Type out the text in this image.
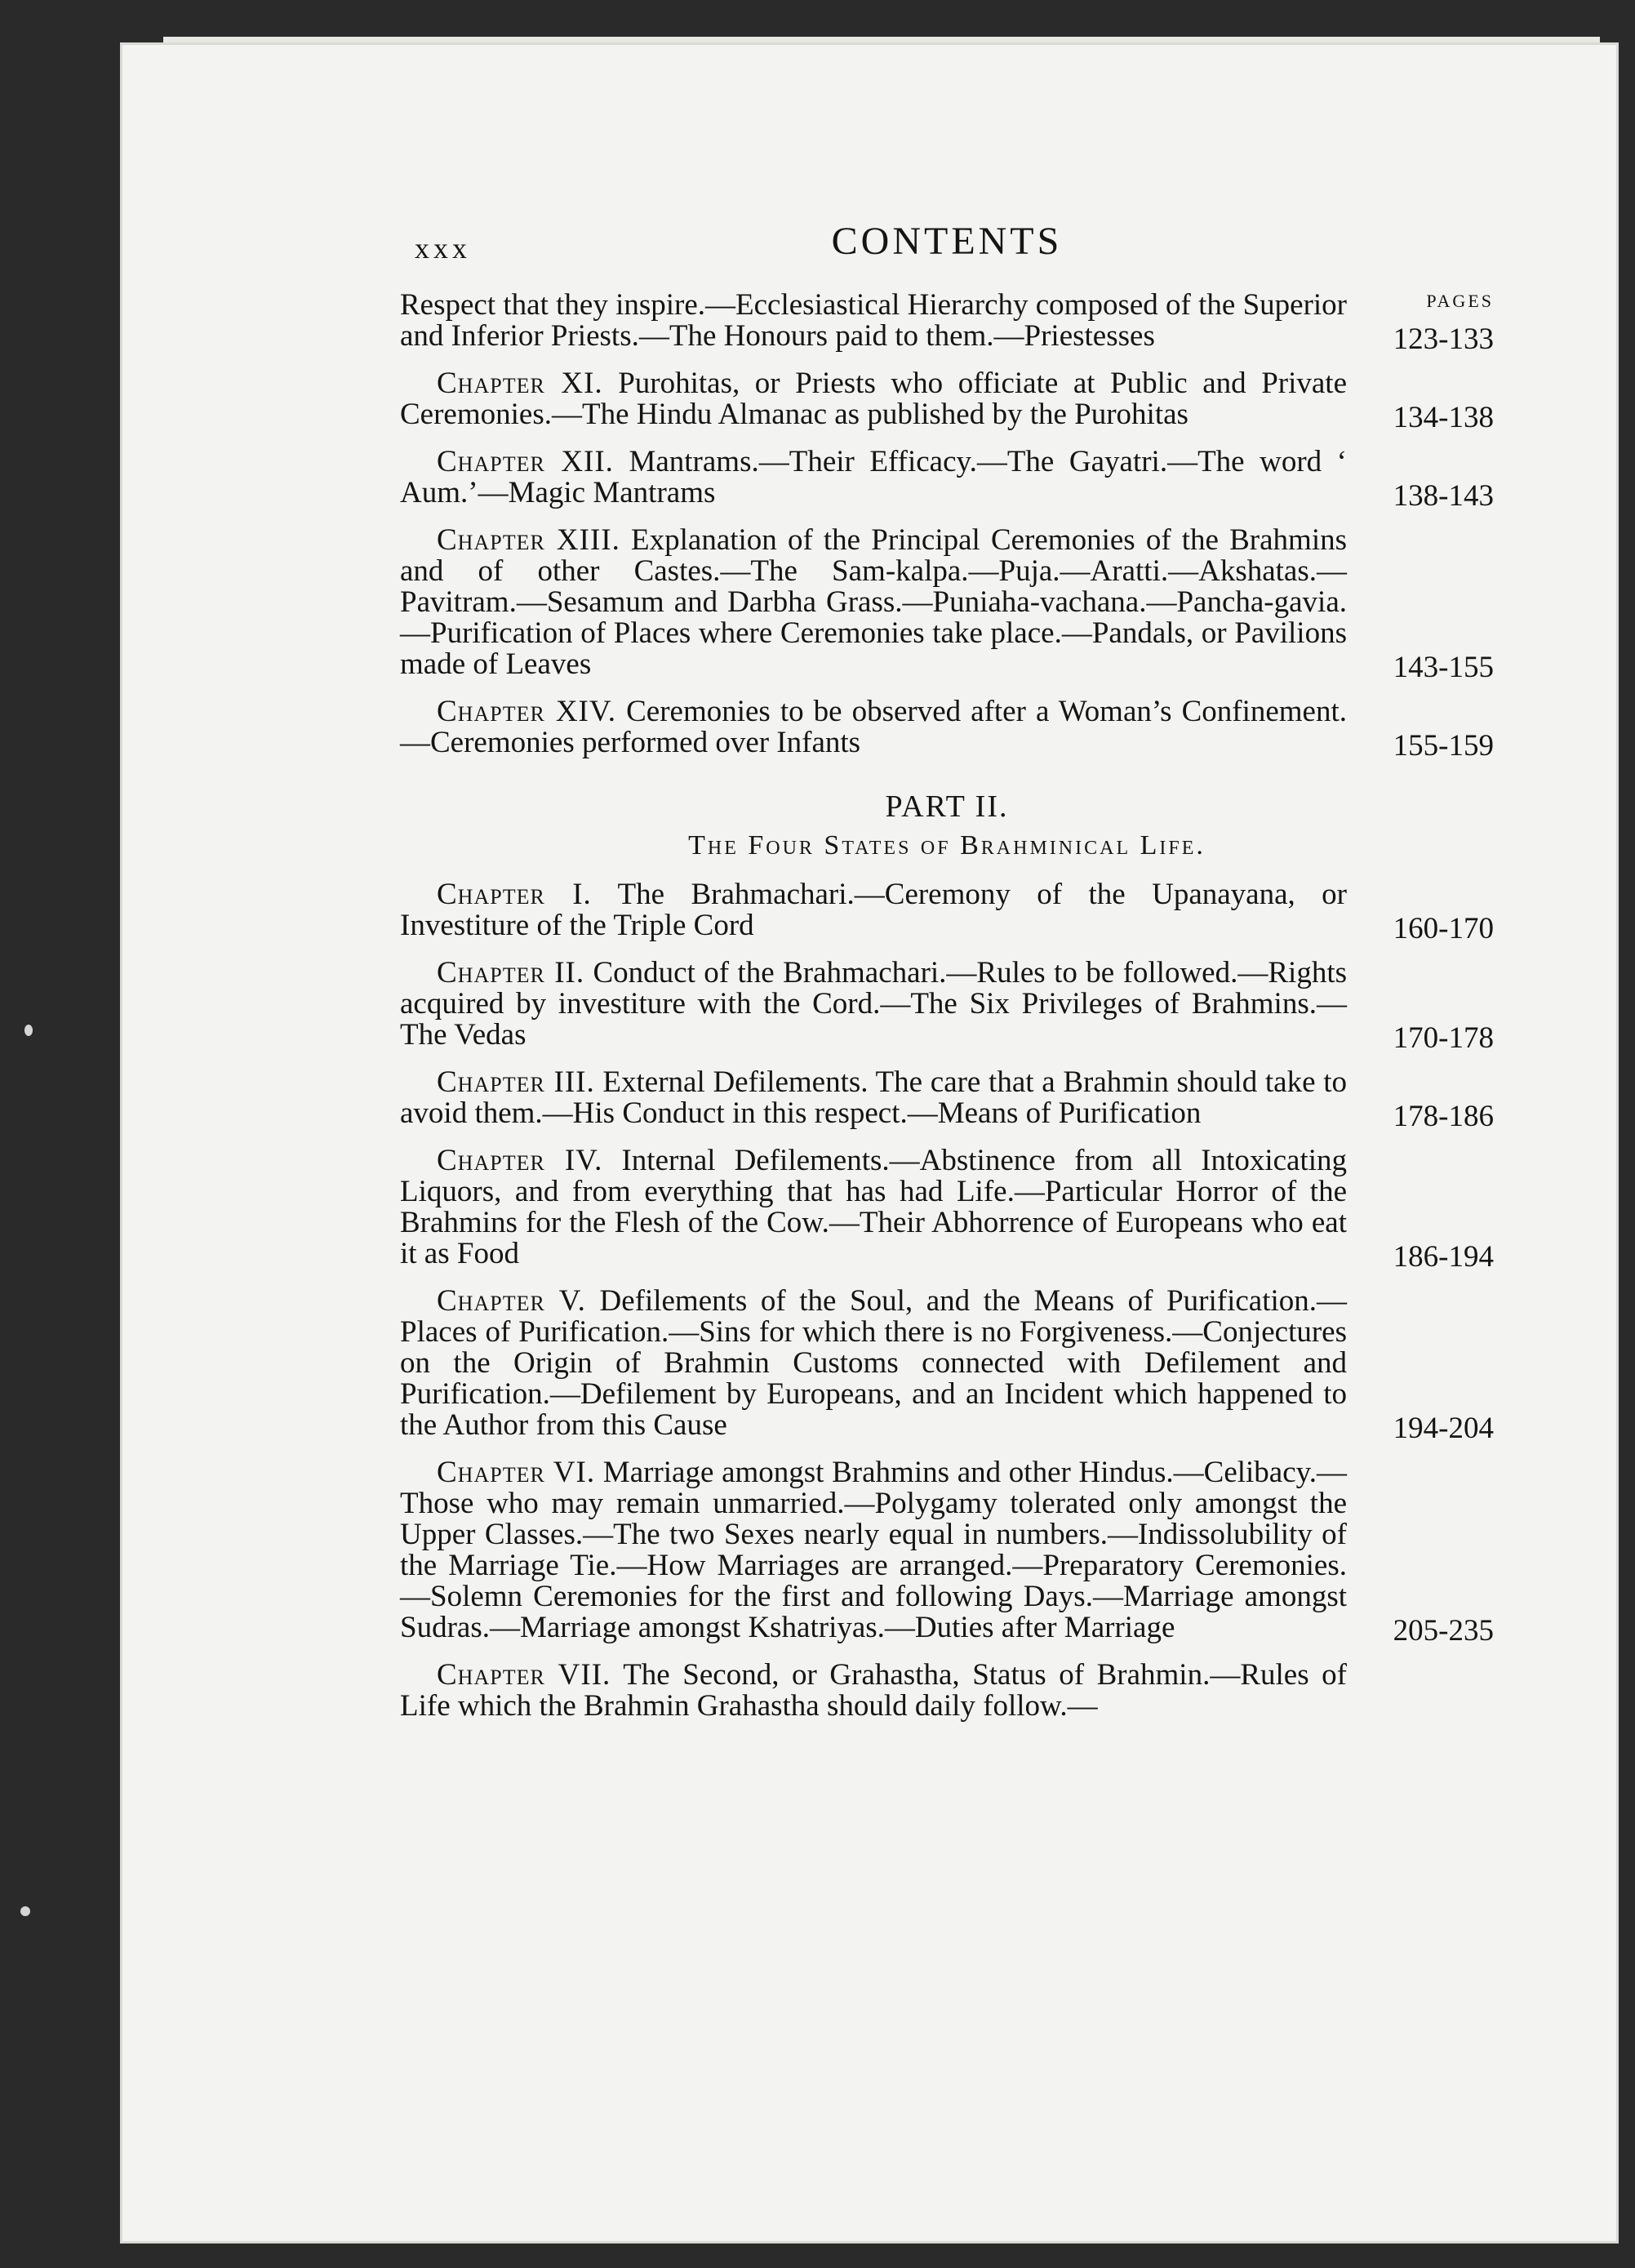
xxx	CONTENTS
PAGES
Respect that they inspire.—Ecclesiastical Hierarchy composed of the Superior and Inferior Priests.—The Honours paid to them.—Priestesses	123-133
Chapter XI. Purohitas, or Priests who officiate at Public and Private Ceremonies.—The Hindu Almanac as published by the Purohitas	134-138
Chapter XII. Mantrams.—Their Efficacy.—The Gayatri.—The word ‘ Aum.’—Magic Mantrams	138-143
Chapter XIII. Explanation of the Principal Ceremonies of the Brahmins and of other Castes.—The Sam-kalpa.—Puja.—Aratti.—Akshatas.—Pavitram.—Sesamum and Darbha Grass.—Puniaha-vachana.—Pancha-gavia.—Purification of Places where Ceremonies take place.—Pandals, or Pavilions made of Leaves	143-155
Chapter XIV. Ceremonies to be observed after a Woman’s Confinement.—Ceremonies performed over Infants	155-159
PART II.
The Four States of Brahminical Life.
Chapter I. The Brahmachari.—Ceremony of the Upanayana, or Investiture of the Triple Cord	160-170
Chapter II. Conduct of the Brahmachari.—Rules to be followed.—Rights acquired by investiture with the Cord.—The Six Privileges of Brahmins.—The Vedas	170-178
Chapter III. External Defilements. The care that a Brahmin should take to avoid them.—His Conduct in this respect.—Means of Purification	178-186
Chapter IV. Internal Defilements.—Abstinence from all Intoxicating Liquors, and from everything that has had Life.—Particular Horror of the Brahmins for the Flesh of the Cow.—Their Abhorrence of Europeans who eat it as Food	186-194
Chapter V. Defilements of the Soul, and the Means of Purification.—Places of Purification.—Sins for which there is no Forgiveness.—Conjectures on the Origin of Brahmin Customs connected with Defilement and Purification.—Defilement by Europeans, and an Incident which happened to the Author from this Cause	194-204
Chapter VI. Marriage amongst Brahmins and other Hindus.—Celibacy.—Those who may remain unmarried.—Polygamy tolerated only amongst the Upper Classes.—The two Sexes nearly equal in numbers.—Indissolubility of the Marriage Tie.—How Marriages are arranged.—Preparatory Ceremonies.—Solemn Ceremonies for the first and following Days.—Marriage amongst Sudras.—Marriage amongst Kshatriyas.—Duties after Marriage	205-235
Chapter VII. The Second, or Grahastha, Status of Brahmin.—Rules of Life which the Brahmin Grahastha should daily follow.—
